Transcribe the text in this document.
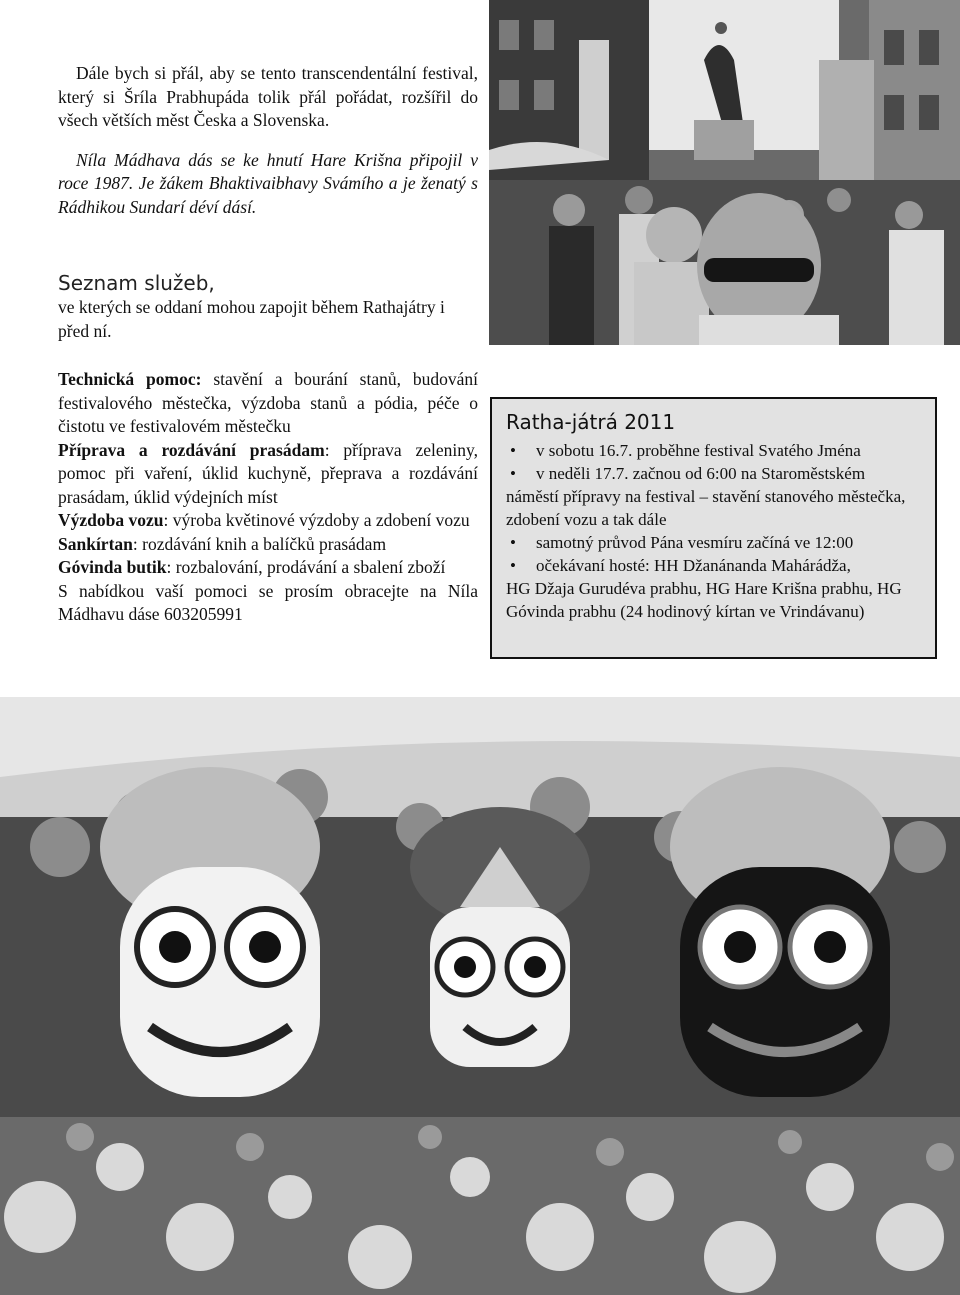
Dále bych si přál, aby se tento transcendentální festival, který si Šríla Prabhupáda tolik přál pořádat, rozšířil do všech větších měst Česka a Slovenska.

Níla Mádhava dás se ke hnutí Hare Krišna připojil v roce 1987. Je žákem Bhaktivaibhavy Svámího a je ženatý s Rádhikou Sundarí déví dásí.

Seznam služeb,

ve kterých se oddaní mohou zapojit během Rathajátry i před ní.

Technická pomoc: stavění a bourání stanů, budování festivalového městečka, výzdoba stanů a pódia, péče o čistotu ve festivalovém městečku

Příprava a rozdávání prasádam: příprava zeleniny, pomoc při vaření, úklid kuchyně, přeprava a rozdávání prasádam, úklid výdejních míst

Výzdoba vozu: výroba květinové výzdoby a zdobení vozu

Sankírtan: rozdávání knih a balíčků prasádam

Góvinda butik: rozbalování, prodávání a sbalení zboží

S nabídkou vaší pomoci se prosím obracejte na Níla Mádhavu dáse 603205991

Ratha-játrá 2011

• v sobotu 16.7. proběhne festival Svatého Jména
• v neděli 17.7. začnou od 6:00 na Staroměstském

náměstí přípravy na festival – stavění stanového městečka, zdobení vozu a tak dále

• samotný průvod Pána vesmíru začíná ve 12:00
• očekávaní hosté: HH Džanánanda Mahárádža,

HG Džaja Gurudéva prabhu, HG Hare Krišna prabhu, HG Góvinda prabhu (24 hodinový kírtan ve Vrindávanu)
